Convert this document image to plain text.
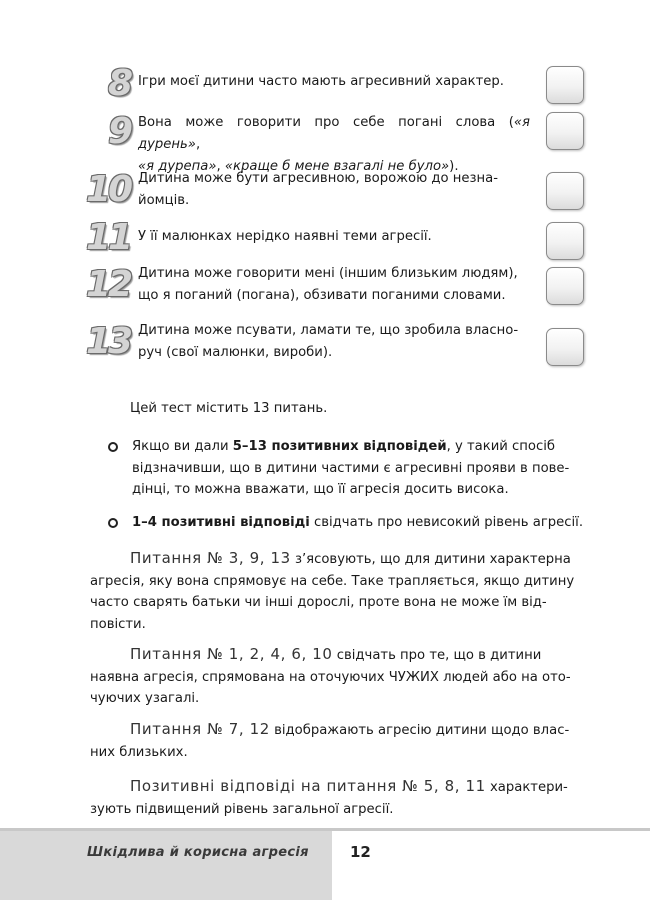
8 Ігри моєї дитини часто мають агресивний характер.
9 Вона може говорити про себе погані слова («я дурень»,
«я дурепа», «краще б мене взагалі не було»).
10 Дитина може бути агресивною, ворожою до незна-
йомців.
11 У її малюнках нерідко наявні теми агресії.
12 Дитина може говорити мені (іншим близьким людям),
що я поганий (погана), обзивати поганими словами.
13 Дитина може псувати, ламати те, що зробила власно-
руч (свої малюнки, вироби).
Цей тест містить 13 питань.
Якщо ви дали 5–13 позитивних відповідей, у такий спосіб
відзначивши, що в дитини частими є агресивні прояви в пове-
дінці, то можна вважати, що її агресія досить висока.
1–4 позитивні відповіді свідчать про невисокий рівень агресії.
Питання № 3, 9, 13 з’ясовують, що для дитини характерна
агресія, яку вона спрямовує на себе. Таке трапляється, якщо дитину
часто сварять батьки чи інші дорослі, проте вона не може їм від-
повісти.
Питання № 1, 2, 4, 6, 10 свідчать про те, що в дитини
наявна агресія, спрямована на оточуючих ЧУЖИХ людей або на ото-
чуючих узагалі.
Питання № 7, 12 відображають агресію дитини щодо влас-
них близьких.
Позитивні відповіді на питання № 5, 8, 11 характери-
зують підвищений рівень загальної агресії.
Шкідлива й корисна агресія	12
